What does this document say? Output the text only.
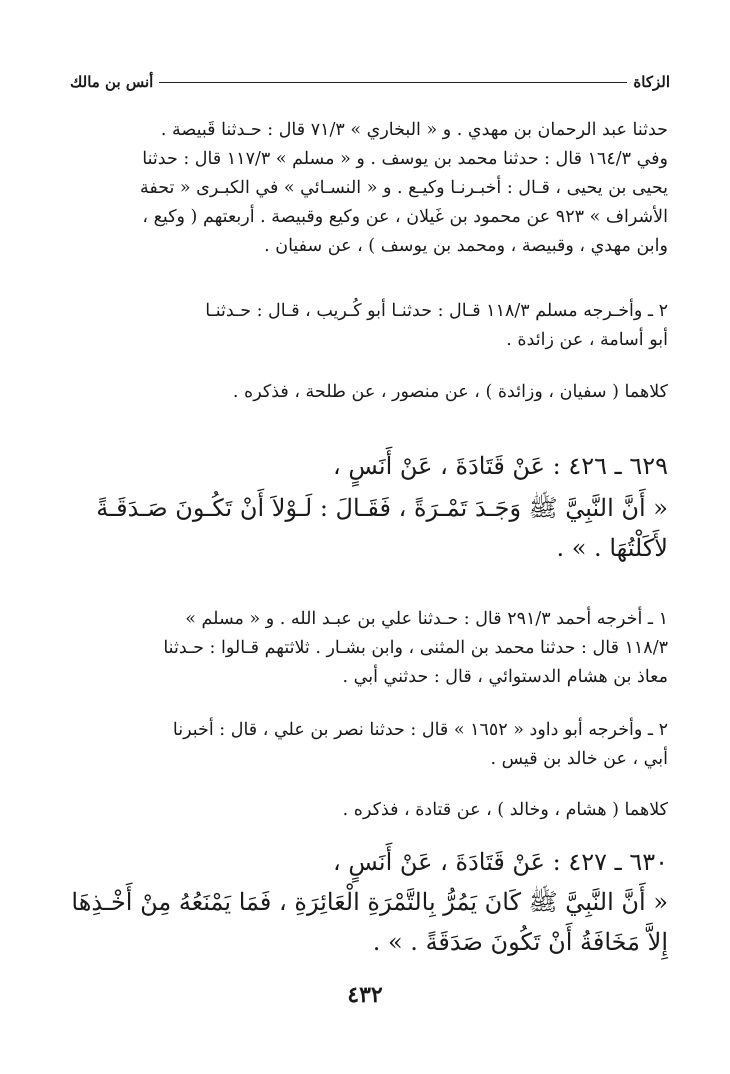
الزكاة
أنس بن مالك
حدثنا عبد الرحمان بن مهدي . و « البخاري » ٧١/٣ قال : حـدثنا قَبيصة .
وفي ١٦٤/٣ قال : حدثنا محمد بن يوسف . و « مسلم » ١١٧/٣ قال : حدثنا
يحيى بن يحيى ، قـال : أخبـرنـا وكيـع . و « النسـائي » في الكبـرى « تحفة
الأشراف » ٩٢٣ عن محمود بن غَيلان ، عن وكيع وقبيصة . أربعتهم ( وكيع ،
وابن مهدي ، وقبيصة ، ومحمد بن يوسف ) ، عن سفيان .
٢ ـ وأخـرجه مسلم ١١٨/٣ قـال : حدثنـا أبو كُـريب ، قـال : حـدثنـا
أبو أسامة ، عن زائدة .
كلاهما ( سفيان ، وزائدة ) ، عن منصور ، عن طلحة ، فذكره .
٦٢٩ ـ ٤٢٦ : عَنْ قَتَادَةَ ، عَنْ أَنَسٍ ،
« أَنَّ النَّبِيَّ ﷺ وَجَـدَ تَمْـرَةً ، فَقَـالَ : لَـوْلاَ أَنْ تَكُـونَ صَـدَقَـةً
لأَكَلْتُهَا . » .
١ ـ أخرجه أحمد ٢٩١/٣ قال : حـدثنا علي بن عبـد الله . و « مسلم »
١١٨/٣ قال : حدثنا محمد بن المثنى ، وابن بشـار . ثلاثتهم قـالوا : حـدثنا
معاذ بن هشام الدستوائي ، قال : حدثني أبي .
٢ ـ وأخرجه أبو داود « ١٦٥٢ » قال : حدثنا نصر بن علي ، قال : أخبرنا
أبي ، عن خالد بن قيس .
كلاهما ( هشام ، وخالد ) ، عن قتادة ، فذكره .
٦٣٠ ـ ٤٢٧ : عَنْ قَتَادَةَ ، عَنْ أَنَسٍ ،
« أَنَّ النَّبِيَّ ﷺ كَانَ يَمُرُّ بِالتَّمْرَةِ الْعَائِرَةِ ، فَمَا يَمْنَعُهُ مِنْ أَخْـذِهَا
إِلاَّ مَخَافَةُ أَنْ تَكُونَ صَدَقَةً . » .
٤٣٢
